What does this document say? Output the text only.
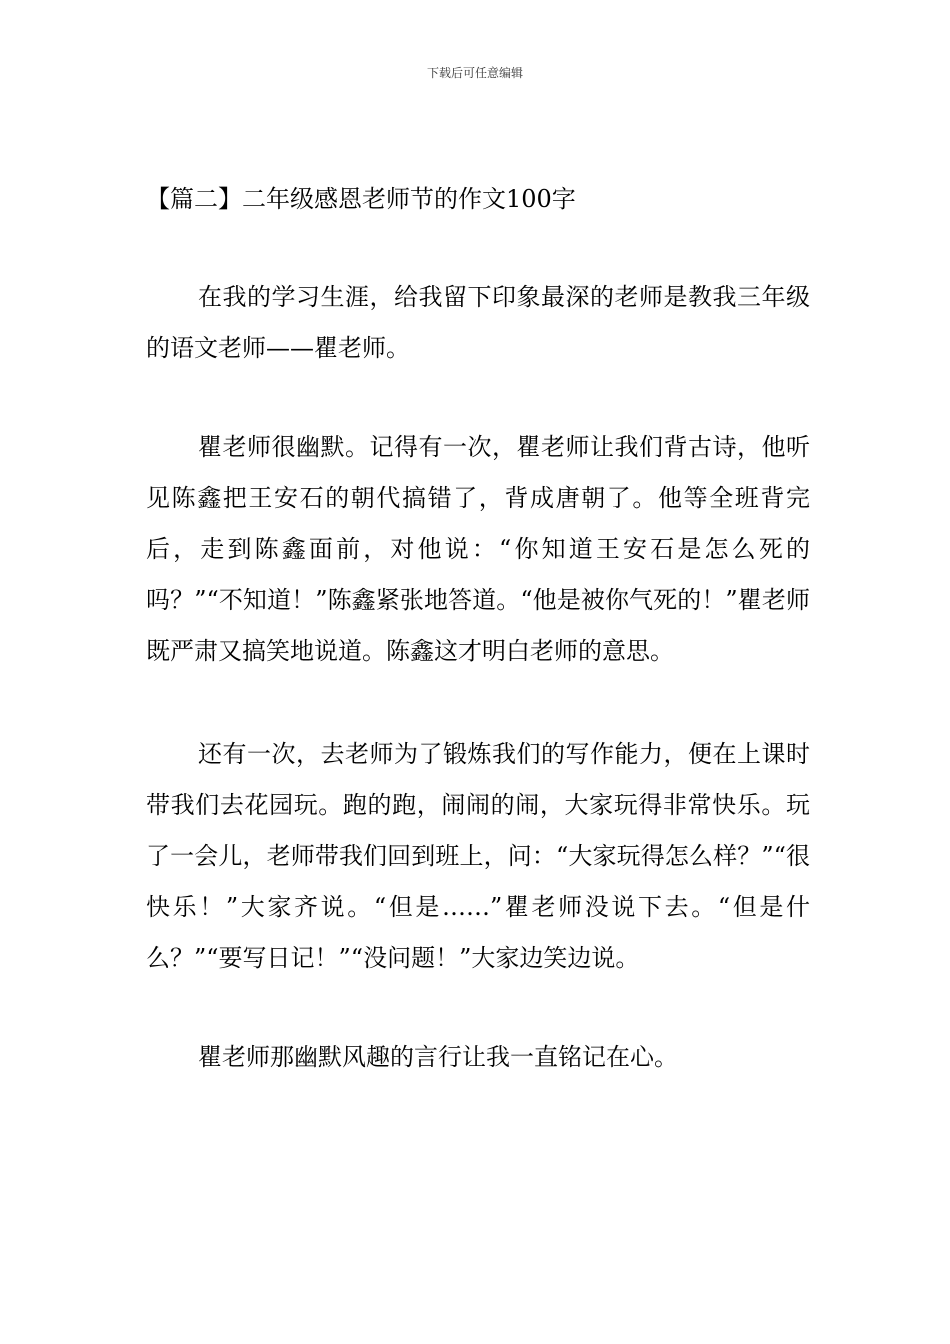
下载后可任意编辑
【篇二】二年级感恩老师节的作文100字

在我的学习生涯，给我留下印象最深的老师是教我三年级的语文老师——瞿老师。

瞿老师很幽默。记得有一次，瞿老师让我们背古诗，他听见陈鑫把王安石的朝代搞错了，背成唐朝了。他等全班背完后，走到陈鑫面前，对他说：“你知道王安石是怎么死的吗？”“不知道！”陈鑫紧张地答道。“他是被你气死的！”瞿老师既严肃又搞笑地说道。陈鑫这才明白老师的意思。

还有一次，去老师为了锻炼我们的写作能力，便在上课时带我们去花园玩。跑的跑，闹闹的闹，大家玩得非常快乐。玩了一会儿，老师带我们回到班上，问：“大家玩得怎么样？”“很快乐！”大家齐说。“但是……”瞿老师没说下去。“但是什么？”“要写日记！”“没问题！”大家边笑边说。

瞿老师那幽默风趣的言行让我一直铭记在心。
